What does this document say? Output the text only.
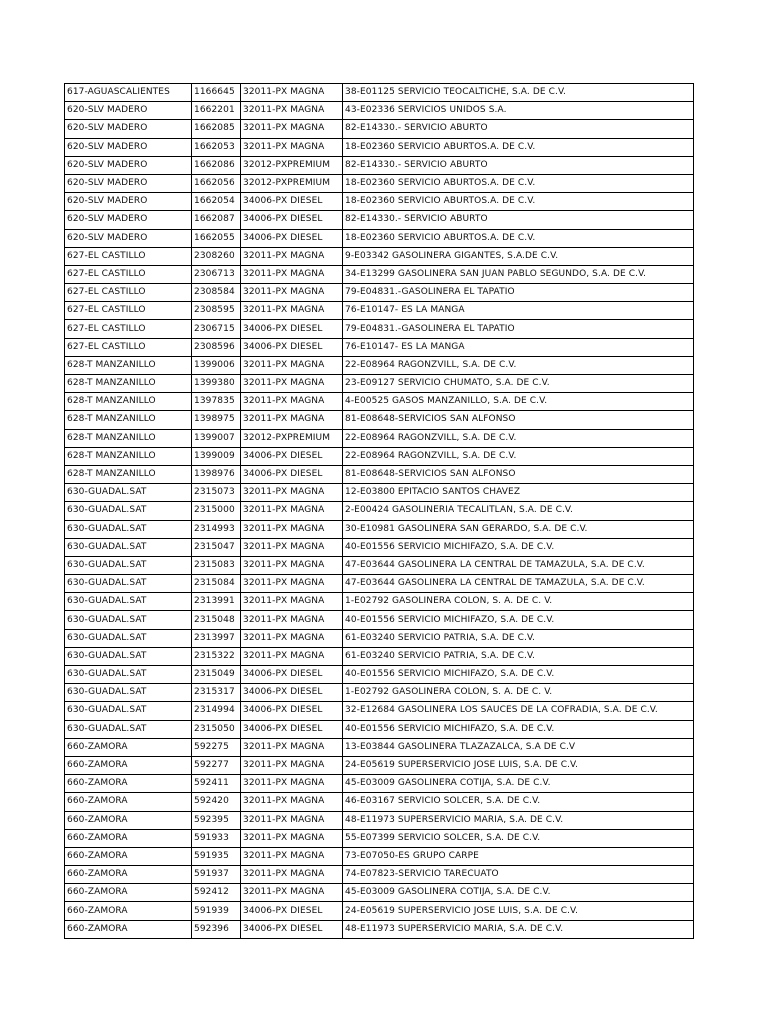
617-AGUASCALIENTES	1166645	32011-PX MAGNA	38-E01125 SERVICIO TEOCALTICHE, S.A. DE C.V.
620-SLV MADERO	1662201	32011-PX MAGNA	43-E02336 SERVICIOS UNIDOS S.A.
620-SLV MADERO	1662085	32011-PX MAGNA	82-E14330.- SERVICIO ABURTO
620-SLV MADERO	1662053	32011-PX MAGNA	18-E02360 SERVICIO ABURTOS.A. DE C.V.
620-SLV MADERO	1662086	32012-PXPREMIUM	82-E14330.- SERVICIO ABURTO
620-SLV MADERO	1662056	32012-PXPREMIUM	18-E02360 SERVICIO ABURTOS.A. DE C.V.
620-SLV MADERO	1662054	34006-PX DIESEL	18-E02360 SERVICIO ABURTOS.A. DE C.V.
620-SLV MADERO	1662087	34006-PX DIESEL	82-E14330.- SERVICIO ABURTO
620-SLV MADERO	1662055	34006-PX DIESEL	18-E02360 SERVICIO ABURTOS.A. DE C.V.
627-EL CASTILLO	2308260	32011-PX MAGNA	9-E03342 GASOLINERA GIGANTES, S.A.DE C.V.
627-EL CASTILLO	2306713	32011-PX MAGNA	34-E13299 GASOLINERA SAN JUAN PABLO SEGUNDO, S.A. DE C.V.
627-EL CASTILLO	2308584	32011-PX MAGNA	79-E04831.-GASOLINERA EL TAPATIO
627-EL CASTILLO	2308595	32011-PX MAGNA	76-E10147- ES LA MANGA
627-EL CASTILLO	2306715	34006-PX DIESEL	79-E04831.-GASOLINERA EL TAPATIO
627-EL CASTILLO	2308596	34006-PX DIESEL	76-E10147- ES LA MANGA
628-T MANZANILLO	1399006	32011-PX MAGNA	22-E08964 RAGONZVILL, S.A. DE C.V.
628-T MANZANILLO	1399380	32011-PX MAGNA	23-E09127 SERVICIO CHUMATO, S.A. DE C.V.
628-T MANZANILLO	1397835	32011-PX MAGNA	4-E00525 GASOS MANZANILLO, S.A. DE C.V.
628-T MANZANILLO	1398975	32011-PX MAGNA	81-E08648-SERVICIOS SAN ALFONSO
628-T MANZANILLO	1399007	32012-PXPREMIUM	22-E08964 RAGONZVILL, S.A. DE C.V.
628-T MANZANILLO	1399009	34006-PX DIESEL	22-E08964 RAGONZVILL, S.A. DE C.V.
628-T MANZANILLO	1398976	34006-PX DIESEL	81-E08648-SERVICIOS SAN ALFONSO
630-GUADAL.SAT	2315073	32011-PX MAGNA	12-E03800 EPITACIO SANTOS CHAVEZ
630-GUADAL.SAT	2315000	32011-PX MAGNA	2-E00424 GASOLINERIA TECALITLAN, S.A. DE C.V.
630-GUADAL.SAT	2314993	32011-PX MAGNA	30-E10981 GASOLINERA SAN GERARDO, S.A. DE C.V.
630-GUADAL.SAT	2315047	32011-PX MAGNA	40-E01556 SERVICIO MICHIFAZO, S.A. DE C.V.
630-GUADAL.SAT	2315083	32011-PX MAGNA	47-E03644 GASOLINERA LA CENTRAL DE TAMAZULA, S.A. DE C.V.
630-GUADAL.SAT	2315084	32011-PX MAGNA	47-E03644 GASOLINERA LA CENTRAL DE TAMAZULA, S.A. DE C.V.
630-GUADAL.SAT	2313991	32011-PX MAGNA	1-E02792 GASOLINERA COLON, S. A. DE C. V.
630-GUADAL.SAT	2315048	32011-PX MAGNA	40-E01556 SERVICIO MICHIFAZO, S.A. DE C.V.
630-GUADAL.SAT	2313997	32011-PX MAGNA	61-E03240 SERVICIO PATRIA, S.A. DE C.V.
630-GUADAL.SAT	2315322	32011-PX MAGNA	61-E03240 SERVICIO PATRIA, S.A. DE C.V.
630-GUADAL.SAT	2315049	34006-PX DIESEL	40-E01556 SERVICIO MICHIFAZO, S.A. DE C.V.
630-GUADAL.SAT	2315317	34006-PX DIESEL	1-E02792 GASOLINERA COLON, S. A. DE C. V.
630-GUADAL.SAT	2314994	34006-PX DIESEL	32-E12684 GASOLINERA LOS SAUCES DE LA COFRADIA, S.A. DE C.V.
630-GUADAL.SAT	2315050	34006-PX DIESEL	40-E01556 SERVICIO MICHIFAZO, S.A. DE C.V.
660-ZAMORA	592275	32011-PX MAGNA	13-E03844 GASOLINERA TLAZAZALCA, S.A DE C.V
660-ZAMORA	592277	32011-PX MAGNA	24-E05619 SUPERSERVICIO JOSE LUIS, S.A. DE C.V.
660-ZAMORA	592411	32011-PX MAGNA	45-E03009 GASOLINERA COTIJA, S.A. DE C.V.
660-ZAMORA	592420	32011-PX MAGNA	46-E03167 SERVICIO SOLCER, S.A. DE C.V.
660-ZAMORA	592395	32011-PX MAGNA	48-E11973 SUPERSERVICIO MARIA, S.A. DE C.V.
660-ZAMORA	591933	32011-PX MAGNA	55-E07399 SERVICIO SOLCER, S.A. DE C.V.
660-ZAMORA	591935	32011-PX MAGNA	73-E07050-ES GRUPO CARPE
660-ZAMORA	591937	32011-PX MAGNA	74-E07823-SERVICIO TARECUATO
660-ZAMORA	592412	32011-PX MAGNA	45-E03009 GASOLINERA COTIJA, S.A. DE C.V.
660-ZAMORA	591939	34006-PX DIESEL	24-E05619 SUPERSERVICIO JOSE LUIS, S.A. DE C.V.
660-ZAMORA	592396	34006-PX DIESEL	48-E11973 SUPERSERVICIO MARIA, S.A. DE C.V.
